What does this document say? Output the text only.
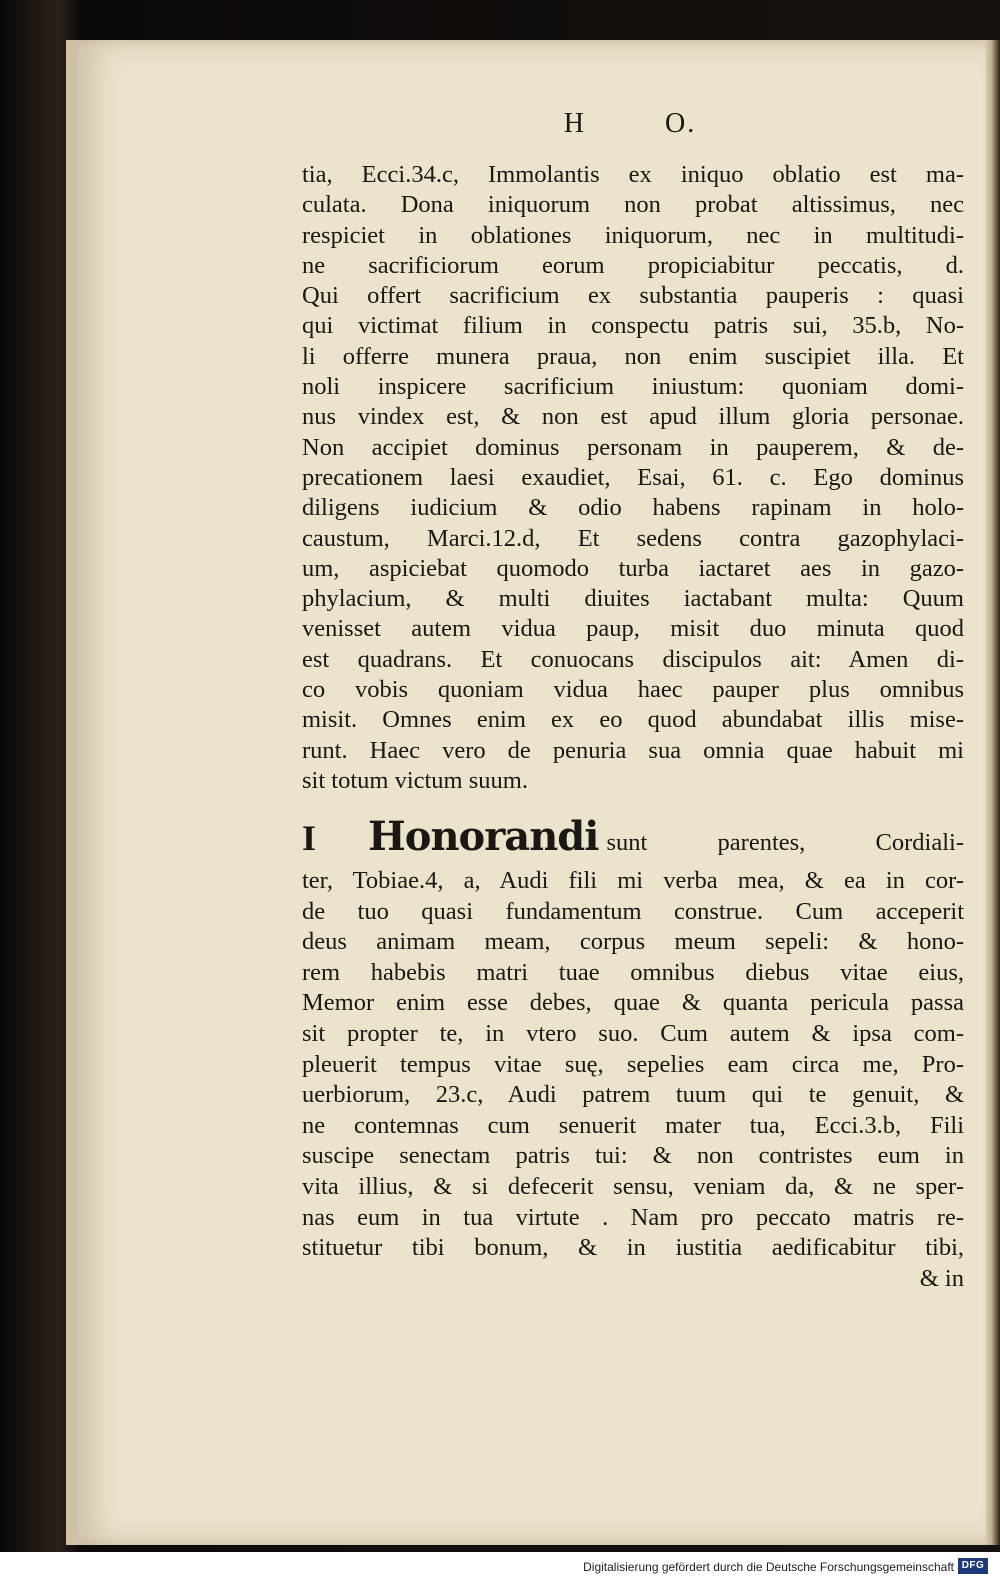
H	O.
tia, Ecci.34.c, Immolantis ex iniquo oblatio est ma-
culata. Dona iniquorum non probat altissimus, nec
respiciet in oblationes iniquorum, nec in multitudi-
ne sacrificiorum eorum propiciabitur peccatis, d.
Qui offert sacrificium ex substantia pauperis : quasi
qui victimat filium in conspectu patris sui, 35.b, No-
li offerre munera praua, non enim suscipiet illa. Et
noli inspicere sacrificium iniustum: quoniam domi-
nus vindex est, & non est apud illum gloria personae.
Non accipiet dominus personam in pauperem, & de-
precationem laesi exaudiet, Esai, 61. c. Ego dominus
diligens iudicium & odio habens rapinam in holo-
caustum, Marci.12.d, Et sedens contra gazophylaci-
um, aspiciebat quomodo turba iactaret aes in gazo-
phylacium, & multi diuites iactabant multa: Quum
venisset autem vidua paup, misit duo minuta quod
est quadrans. Et conuocans discipulos ait: Amen di-
co vobis quoniam vidua haec pauper plus omnibus
misit. Omnes enim ex eo quod abundabat illis mise-
runt. Haec vero de penuria sua omnia quae habuit mi
sit totum victum suum.
I	Honorandi sunt parentes, Cordiali-
ter, Tobiae.4, a, Audi fili mi verba mea, & ea in cor-
de tuo quasi fundamentum construe. Cum acceperit
deus animam meam, corpus meum sepeli: & hono-
rem habebis matri tuae omnibus diebus vitae eius,
Memor enim esse debes, quae & quanta pericula passa
sit propter te, in vtero suo. Cum autem & ipsa com-
pleuerit tempus vitae suę, sepelies eam circa me, Pro-
uerbiorum, 23.c, Audi patrem tuum qui te genuit, &
ne contemnas cum senuerit mater tua, Ecci.3.b, Fili
suscipe senectam patris tui: & non contristes eum in
vita illius, & si defecerit sensu, veniam da, & ne sper-
nas eum in tua virtute . Nam pro peccato matris re-
stituetur tibi bonum, & in iustitia aedificabitur tibi,
& in
Digitalisierung gefördert durch die Deutsche Forschungsgemeinschaft DFG
